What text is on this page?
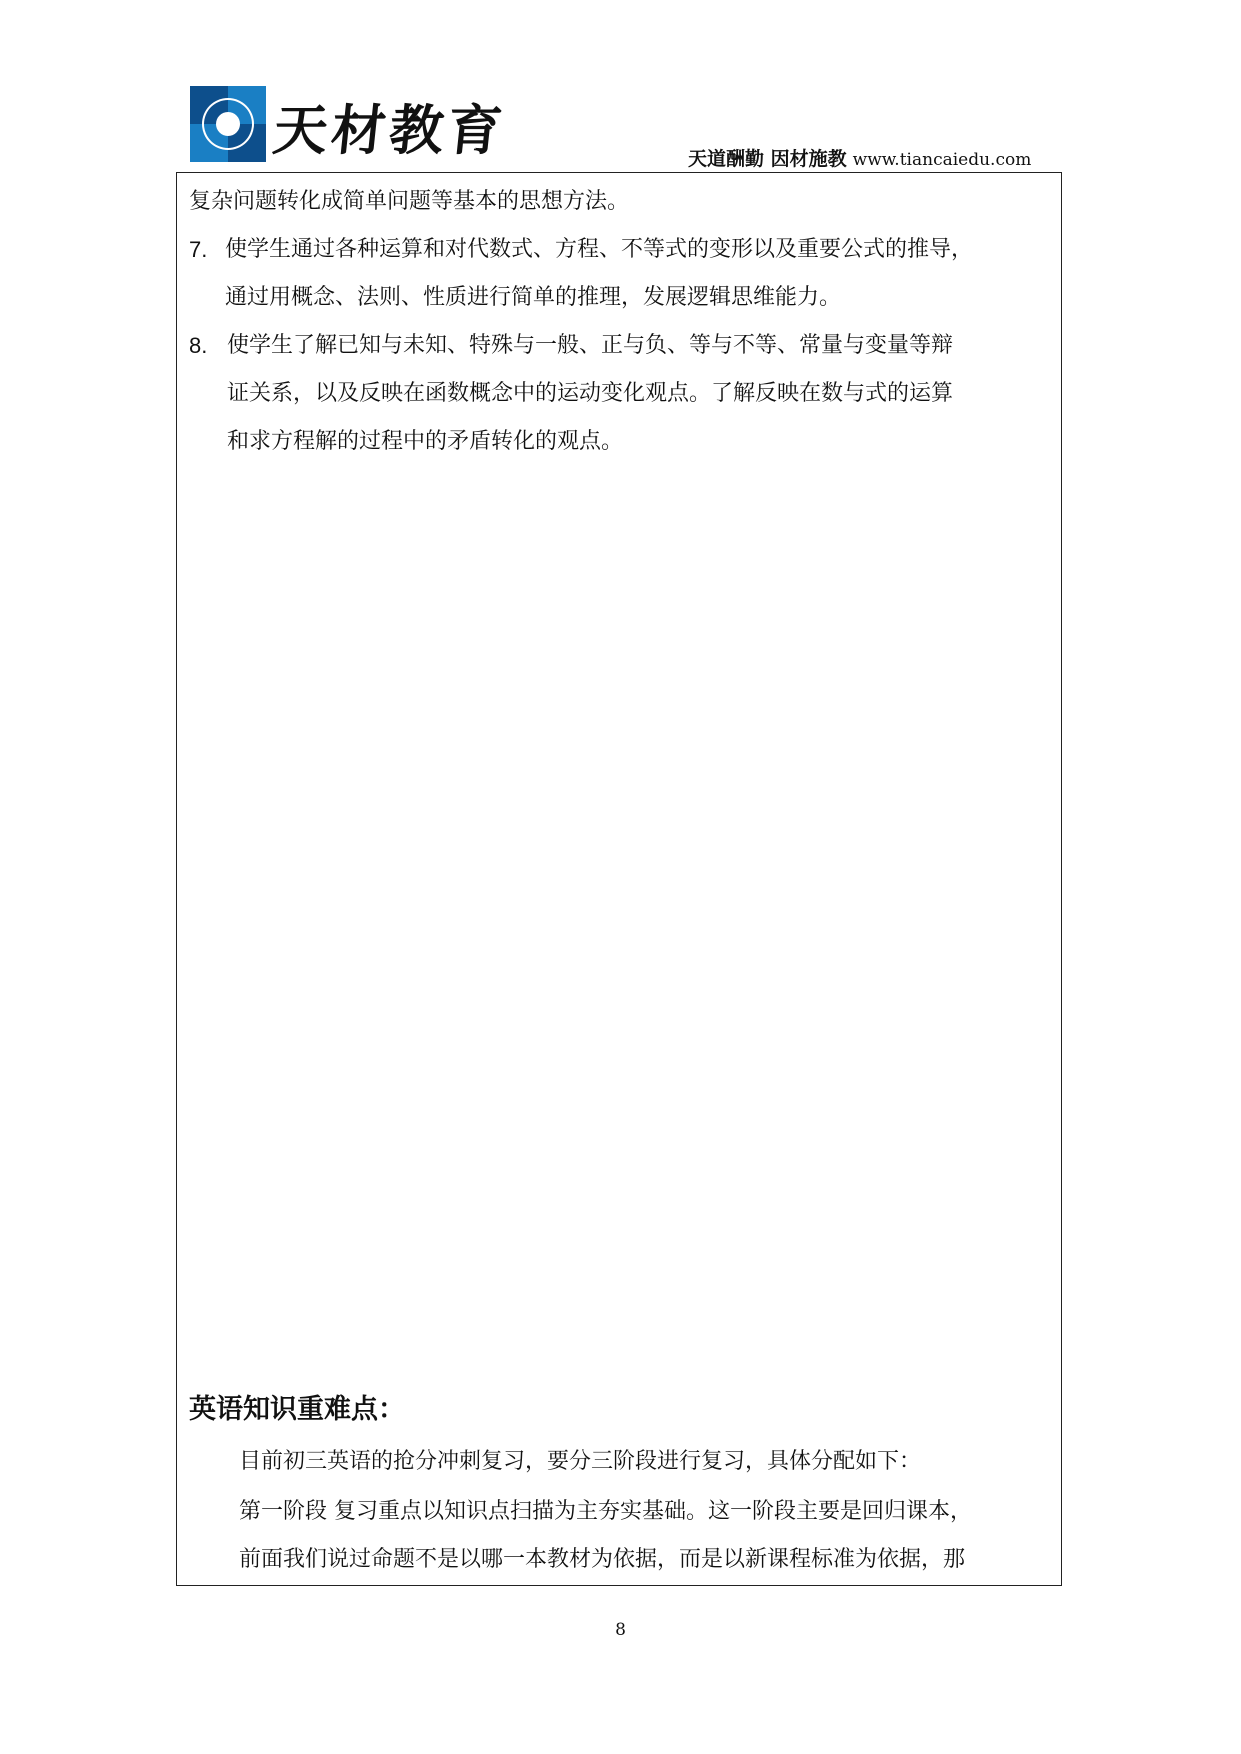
天材教育	天道酬勤 因材施教 www.tiancaiedu.com
复杂问题转化成简单问题等基本的思想方法。
7. 使学生通过各种运算和对代数式、方程、不等式的变形以及重要公式的推导，
通过用概念、法则、性质进行简单的推理，发展逻辑思维能力。
8. 使学生了解已知与未知、特殊与一般、正与负、等与不等、常量与变量等辩
证关系，以及反映在函数概念中的运动变化观点。了解反映在数与式的运算
和求方程解的过程中的矛盾转化的观点。
英语知识重难点：
目前初三英语的抢分冲刺复习，要分三阶段进行复习，具体分配如下：
第一阶段 复习重点以知识点扫描为主夯实基础。这一阶段主要是回归课本，
前面我们说过命题不是以哪一本教材为依据，而是以新课程标准为依据，那
8
